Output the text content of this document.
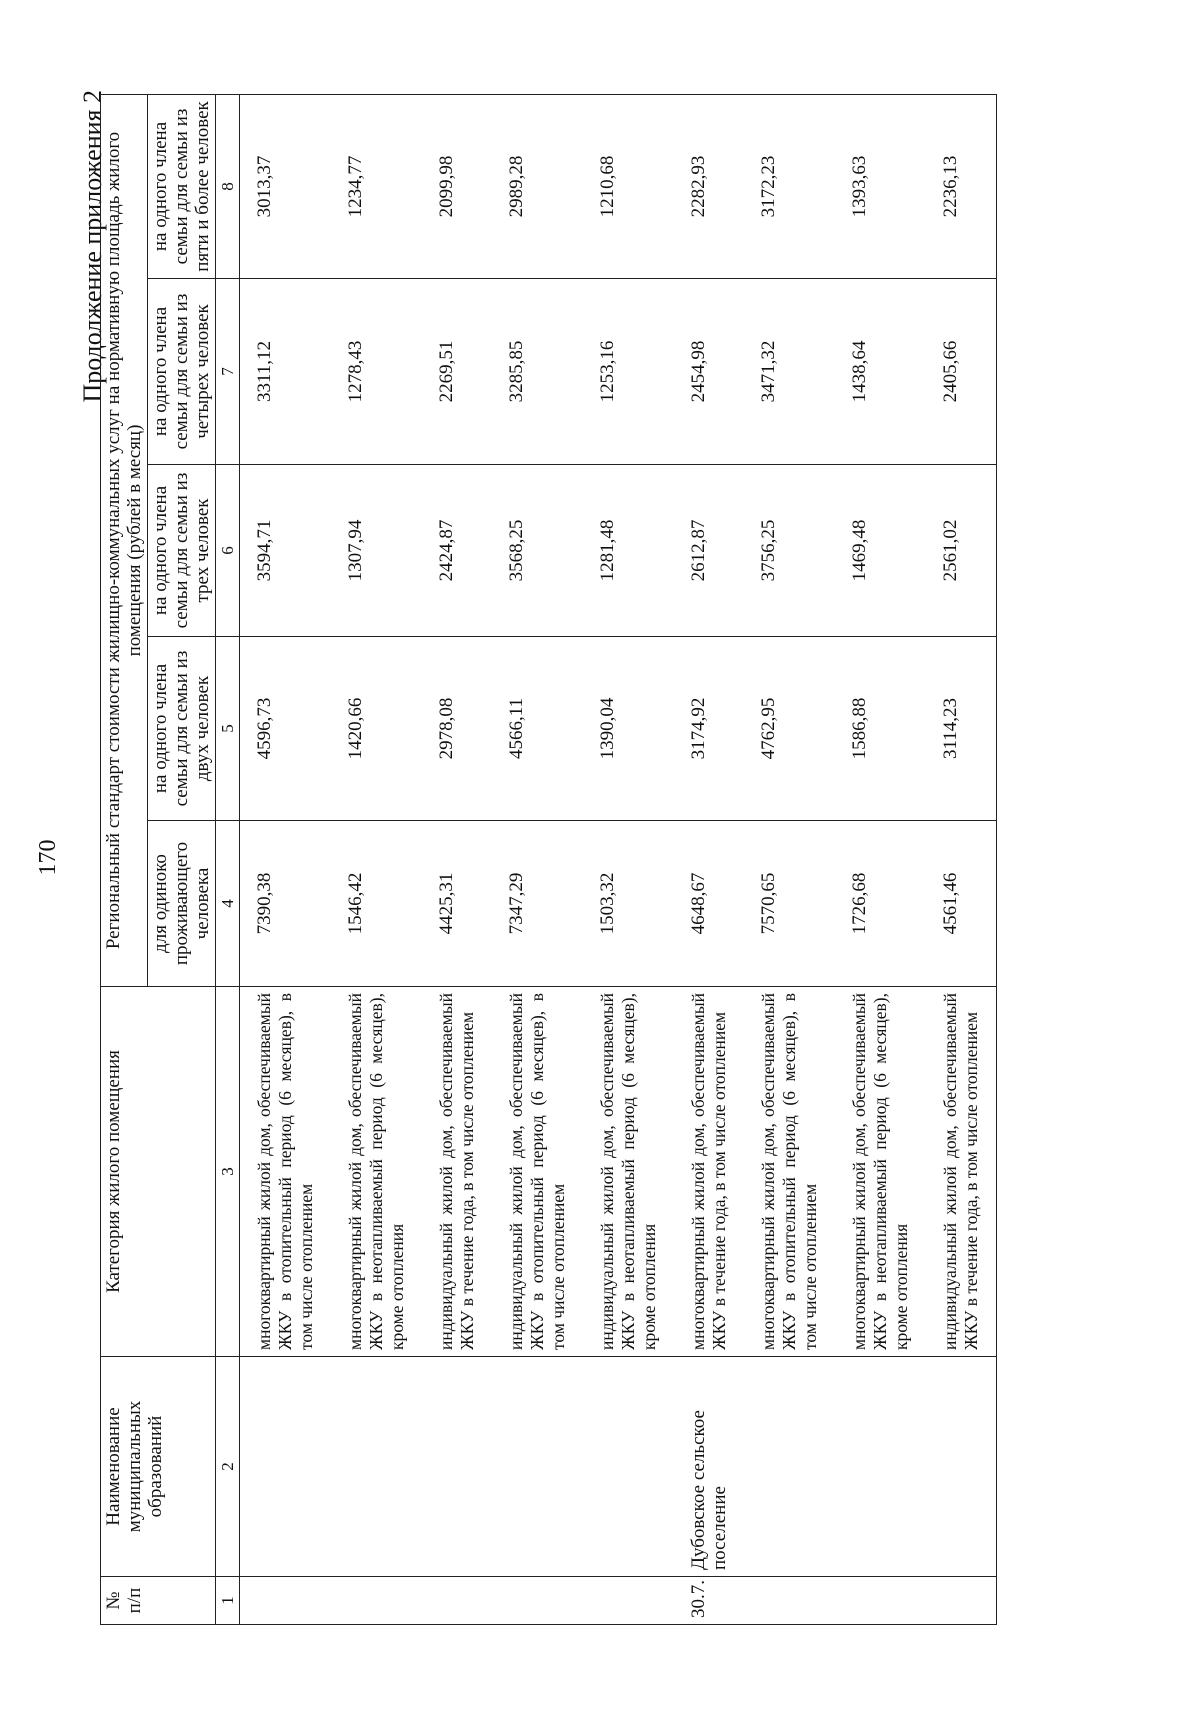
170
Продолжение приложения 2
№ п/п	Наименование муниципальных образований	Категория жилого помещения	Региональный стандарт стоимости жилищно-коммунальных услуг на нормативную площадь жилого помещения (рублей в месяц)				
			для одиноко проживающего человека	на одного члена семьи для семьи из двух человек	на одного члена семьи для семьи из трех человек	на одного члена семьи для семьи из четырех человек	на одного члена семьи для семьи из пяти и более человек
1	2	3	4	5	6	7	8
		многоквартирный жилой дом, обеспечиваемый ЖКУ в отопительный период (6 месяцев), в том числе отоплением	7390,38	4596,73	3594,71	3311,12	3013,37
		многоквартирный жилой дом, обеспечиваемый ЖКУ в неотапливаемый период (6 месяцев), кроме отопления	1546,42	1420,66	1307,94	1278,43	1234,77
		индивидуальный жилой дом, обеспечиваемый ЖКУ в течение года, в том числе отоплением	4425,31	2978,08	2424,87	2269,51	2099,98
		индивидуальный жилой дом, обеспечиваемый ЖКУ в отопительный период (6 месяцев), в том числе отоплением	7347,29	4566,11	3568,25	3285,85	2989,28
		индивидуальный жилой дом, обеспечиваемый ЖКУ в неотапливаемый период (6 месяцев), кроме отопления	1503,32	1390,04	1281,48	1253,16	1210,68
30.7.	Дубовское сельское поселение	многоквартирный жилой дом, обеспечиваемый ЖКУ в течение года, в том числе отоплением	4648,67	3174,92	2612,87	2454,98	2282,93
		многоквартирный жилой дом, обеспечиваемый ЖКУ в отопительный период (6 месяцев), в том числе отоплением	7570,65	4762,95	3756,25	3471,32	3172,23
		многоквартирный жилой дом, обеспечиваемый ЖКУ в неотапливаемый период (6 месяцев), кроме отопления	1726,68	1586,88	1469,48	1438,64	1393,63
		индивидуальный жилой дом, обеспечиваемый ЖКУ в течение года, в том числе отоплением	4561,46	3114,23	2561,02	2405,66	2236,13
